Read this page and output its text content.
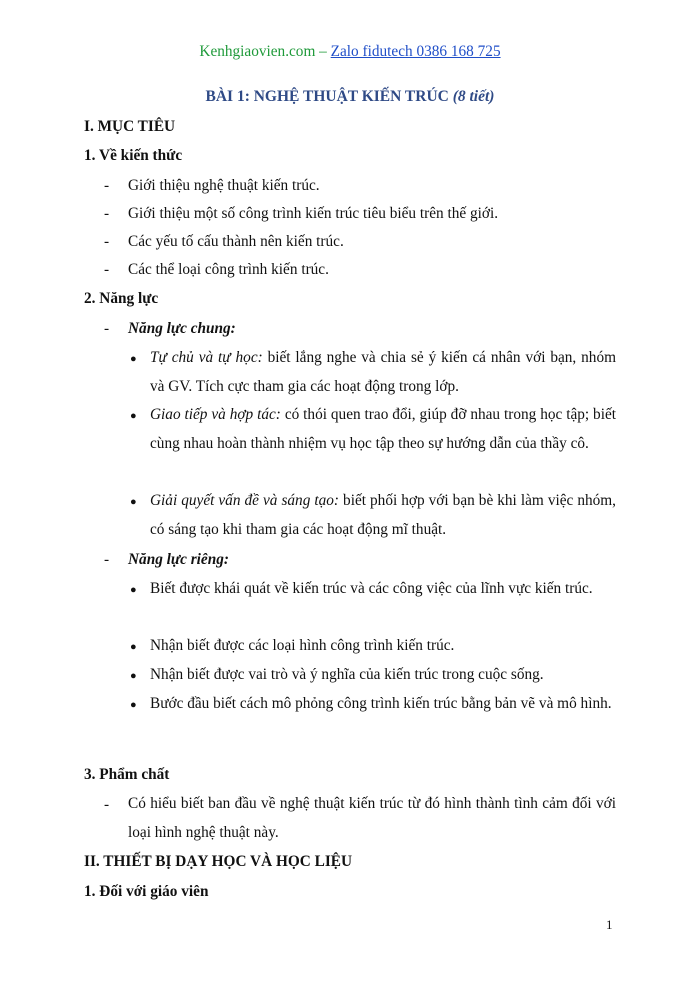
Kenhgiaovien.com – Zalo fidutech 0386 168 725
BÀI 1: NGHỆ THUẬT KIẾN TRÚC (8 tiết)
I. MỤC TIÊU
1. Về kiến thức
- Giới thiệu nghệ thuật kiến trúc.
- Giới thiệu một số công trình kiến trúc tiêu biểu trên thế giới.
- Các yếu tố cấu thành nên kiến trúc.
- Các thể loại công trình kiến trúc.
2. Năng lực
- Năng lực chung:
● Tự chủ và tự học: biết lắng nghe và chia sẻ ý kiến cá nhân với bạn, nhóm và GV. Tích cực tham gia các hoạt động trong lớp.
● Giao tiếp và hợp tác: có thói quen trao đổi, giúp đỡ nhau trong học tập; biết cùng nhau hoàn thành nhiệm vụ học tập theo sự hướng dẫn của thầy cô.
● Giải quyết vấn đề và sáng tạo: biết phối hợp với bạn bè khi làm việc nhóm, có sáng tạo khi tham gia các hoạt động mĩ thuật.
- Năng lực riêng:
● Biết được khái quát về kiến trúc và các công việc của lĩnh vực kiến trúc.
● Nhận biết được các loại hình công trình kiến trúc.
● Nhận biết được vai trò và ý nghĩa của kiến trúc trong cuộc sống.
● Bước đầu biết cách mô phỏng công trình kiến trúc bằng bản vẽ và mô hình.
3. Phẩm chất
-	Có hiểu biết ban đầu về nghệ thuật kiến trúc từ đó hình thành tình cảm đối với loại hình nghệ thuật này.
II. THIẾT BỊ DẠY HỌC VÀ HỌC LIỆU
1. Đối với giáo viên
1
